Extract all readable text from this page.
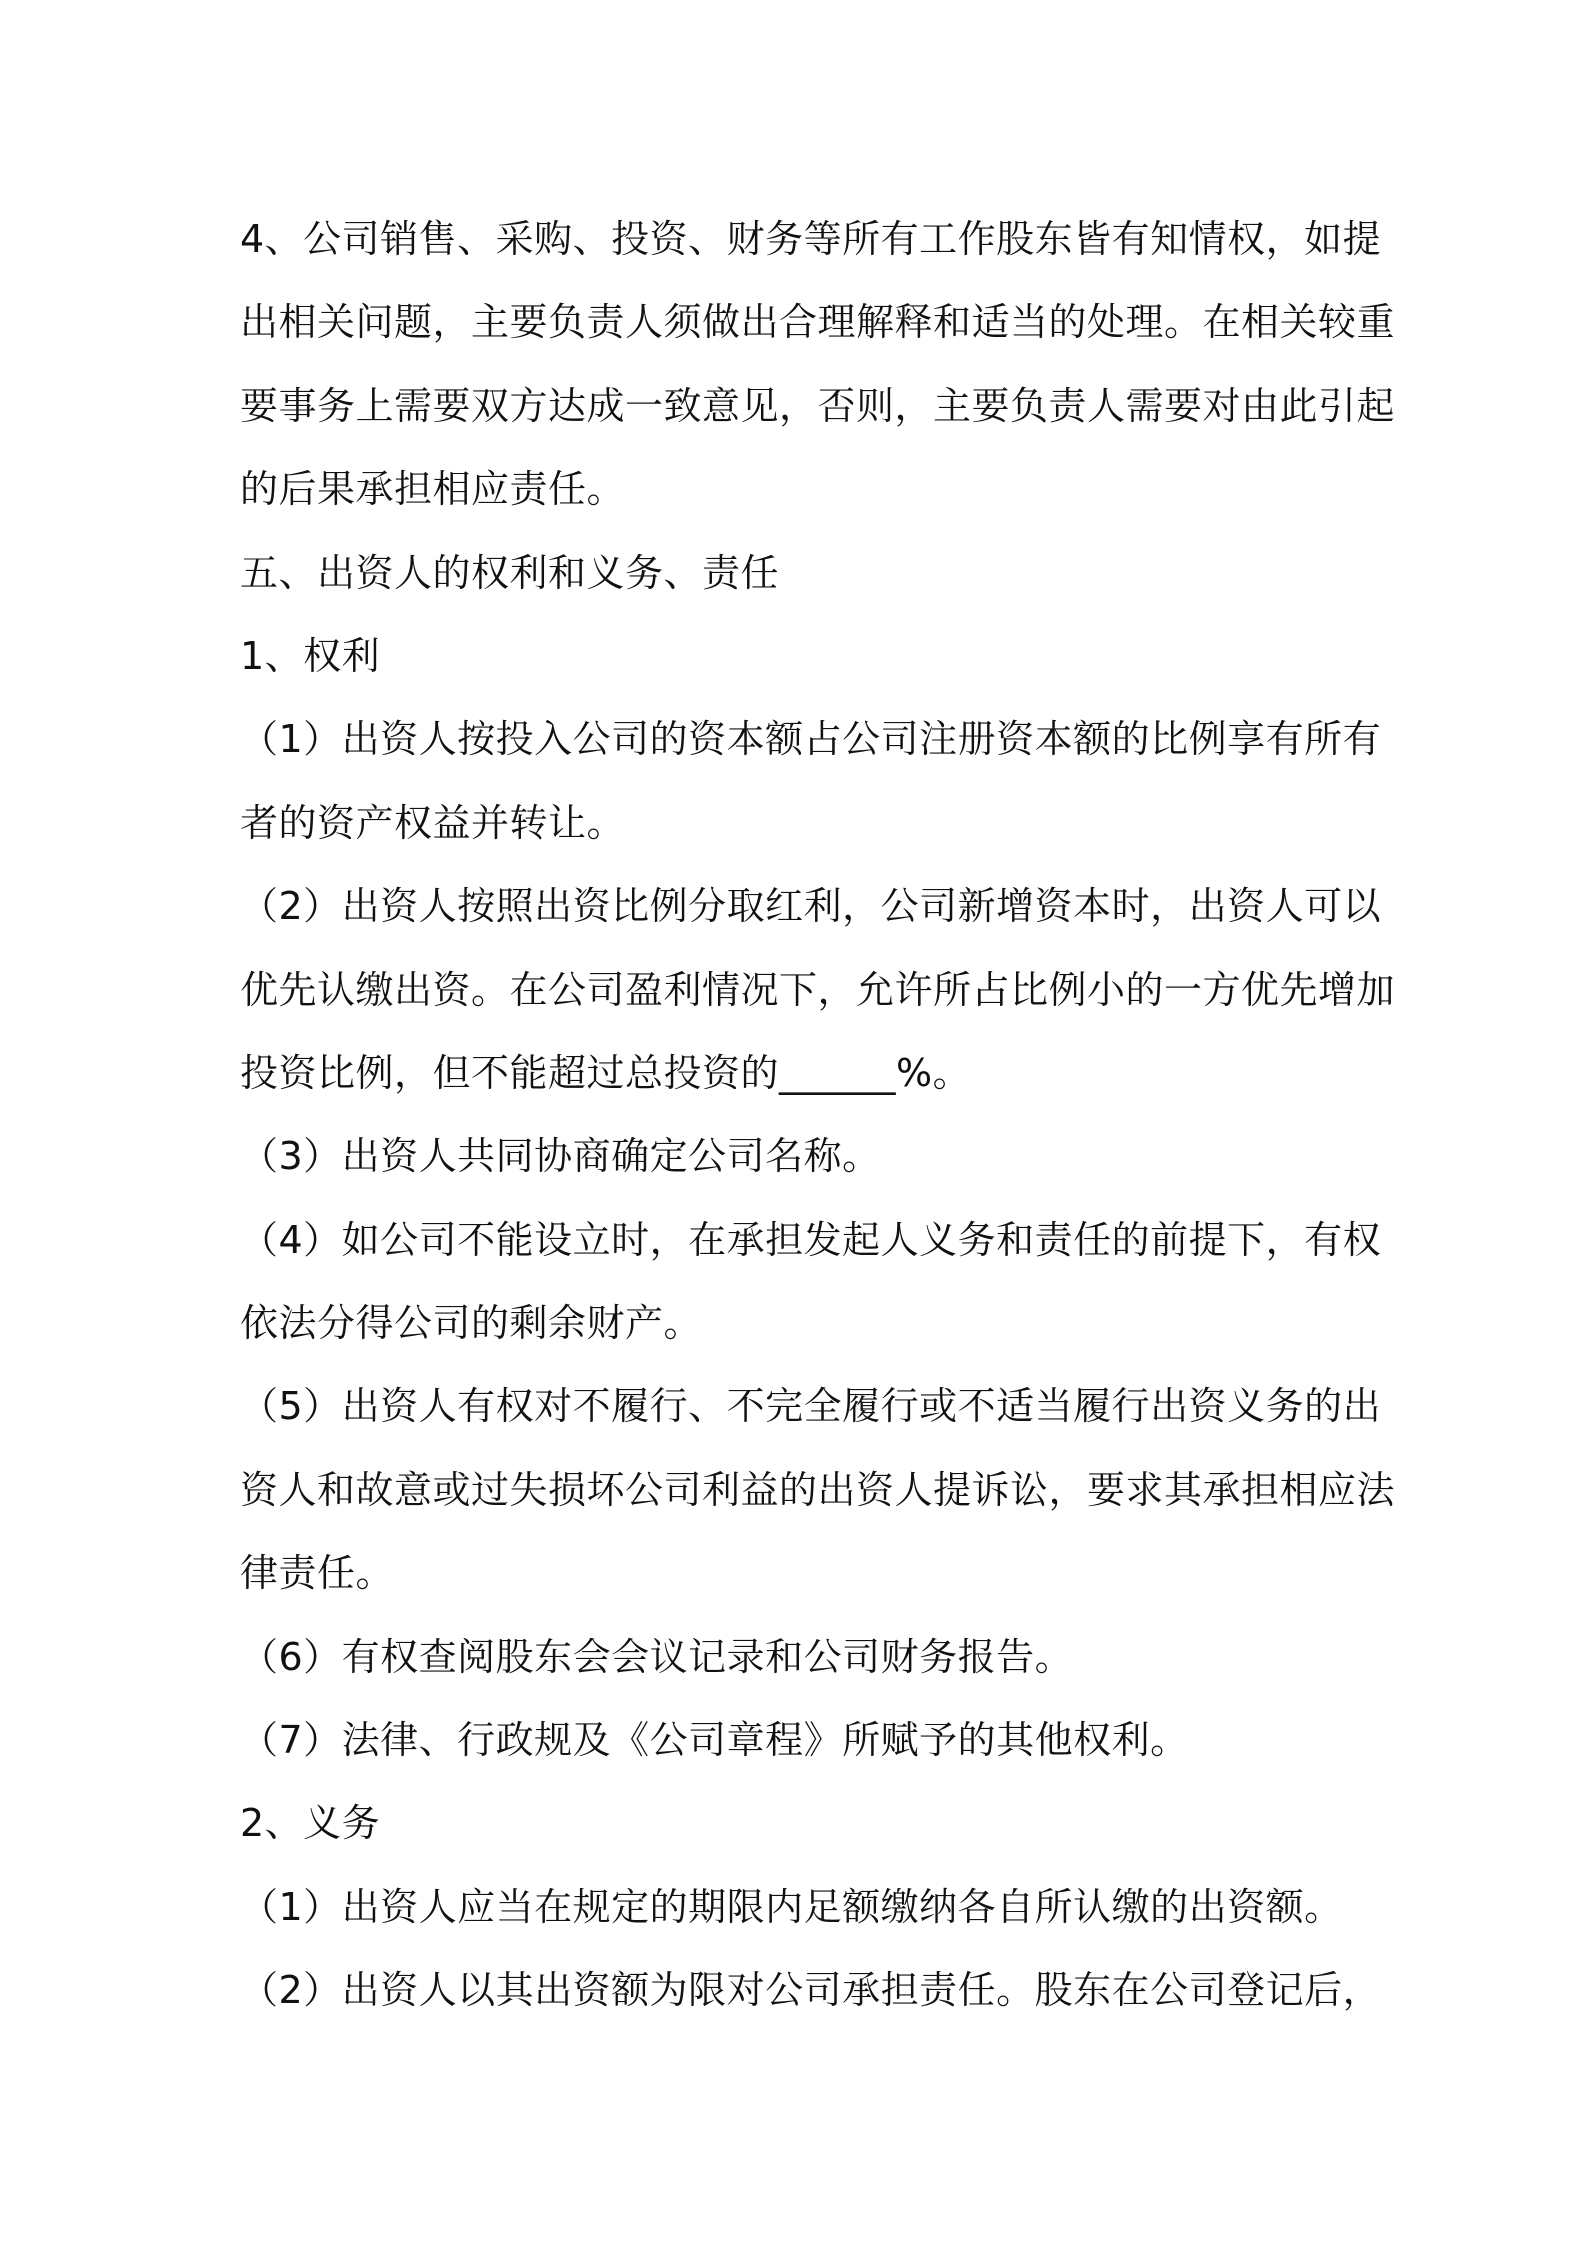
4、公司销售、采购、投资、财务等所有工作股东皆有知情权，如提
出相关问题，主要负责人须做出合理解释和适当的处理。在相关较重
要事务上需要双方达成一致意见，否则，主要负责人需要对由此引起
的后果承担相应责任。
五、出资人的权利和义务、责任
1、权利
（1）出资人按投入公司的资本额占公司注册资本额的比例享有所有
者的资产权益并转让。
（2）出资人按照出资比例分取红利，公司新增资本时，出资人可以
优先认缴出资。在公司盈利情况下，允许所占比例小的一方优先增加
投资比例，但不能超过总投资的______%。
（3）出资人共同协商确定公司名称。
（4）如公司不能设立时，在承担发起人义务和责任的前提下，有权
依法分得公司的剩余财产。
（5）出资人有权对不履行、不完全履行或不适当履行出资义务的出
资人和故意或过失损坏公司利益的出资人提诉讼，要求其承担相应法
律责任。
（6）有权查阅股东会会议记录和公司财务报告。
（7）法律、行政规及《公司章程》所赋予的其他权利。
2、义务
（1）出资人应当在规定的期限内足额缴纳各自所认缴的出资额。
（2）出资人以其出资额为限对公司承担责任。股东在公司登记后，
